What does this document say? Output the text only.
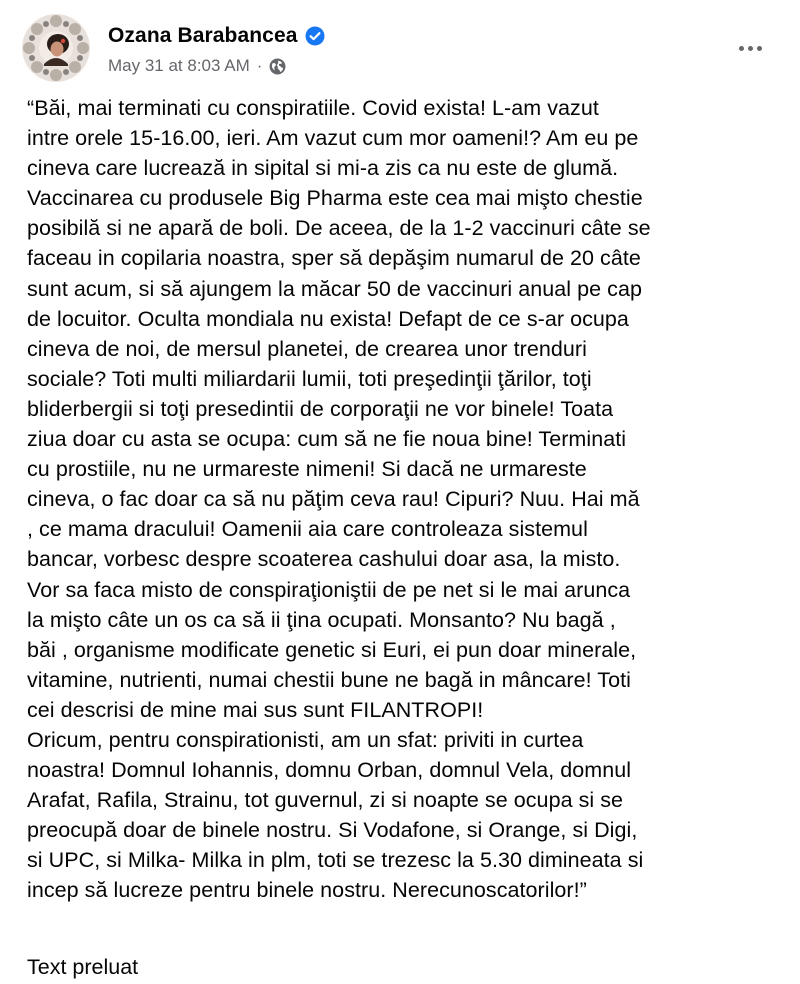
Ozana Barabancea
May 31 at 8:03 AM ·
“Băi, mai terminati cu conspiratiile. Covid exista! L-am vazut
intre orele 15-16.00, ieri. Am vazut cum mor oameni!? Am eu pe
cineva care lucrează in sipital si mi-a zis ca nu este de glumă.
Vaccinarea cu produsele Big Pharma este cea mai mişto chestie
posibilă si ne apară de boli. De aceea, de la 1-2 vaccinuri câte se
faceau in copilaria noastra, sper să depăşim numarul de 20 câte
sunt acum, si să ajungem la măcar 50 de vaccinuri anual pe cap
de locuitor. Oculta mondiala nu exista! Defapt de ce s-ar ocupa
cineva de noi, de mersul planetei, de crearea unor trenduri
sociale? Toti multi miliardarii lumii, toti preşedinţii ţărilor, toţi
bliderbergii si toţi presedintii de corporaţii ne vor binele! Toata
ziua doar cu asta se ocupa: cum să ne fie noua bine! Terminati
cu prostiile, nu ne urmareste nimeni! Si dacă ne urmareste
cineva, o fac doar ca să nu păţim ceva rau! Cipuri? Nuu. Hai mă
, ce mama dracului! Oamenii aia care controleaza sistemul
bancar, vorbesc despre scoaterea cashului doar asa, la misto.
Vor sa faca misto de conspiraţioniştii de pe net si le mai arunca
la mişto câte un os ca să ii ţina ocupati. Monsanto? Nu bagă ,
băi , organisme modificate genetic si Euri, ei pun doar minerale,
vitamine, nutrienti, numai chestii bune ne bagă in mâncare! Toti
cei descrisi de mine mai sus sunt FILANTROPI!
Oricum, pentru conspirationisti, am un sfat: priviti in curtea
noastra! Domnul Iohannis, domnu Orban, domnul Vela, domnul
Arafat, Rafila, Strainu, tot guvernul, zi si noapte se ocupa si se
preocupă doar de binele nostru. Si Vodafone, si Orange, si Digi,
si UPC, si Milka- Milka in plm, toti se trezesc la 5.30 dimineata si
incep să lucreze pentru binele nostru. Nerecunoscatorilor!”
Text preluat
